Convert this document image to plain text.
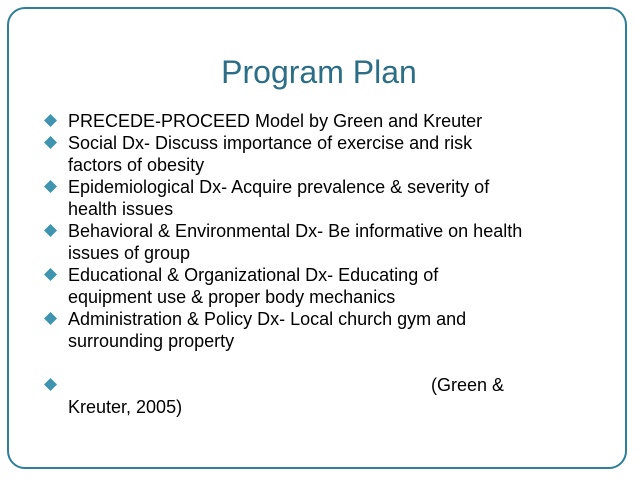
Program Plan
PRECEDE-PROCEED Model by Green and Kreuter
Social Dx- Discuss importance of exercise and risk
factors of obesity
Epidemiological Dx- Acquire prevalence & severity of
health issues
Behavioral & Environmental Dx- Be informative on health
issues of group
Educational & Organizational Dx- Educating of
equipment use & proper body mechanics
Administration & Policy Dx- Local church gym and
surrounding property
(Green &
Kreuter, 2005)
